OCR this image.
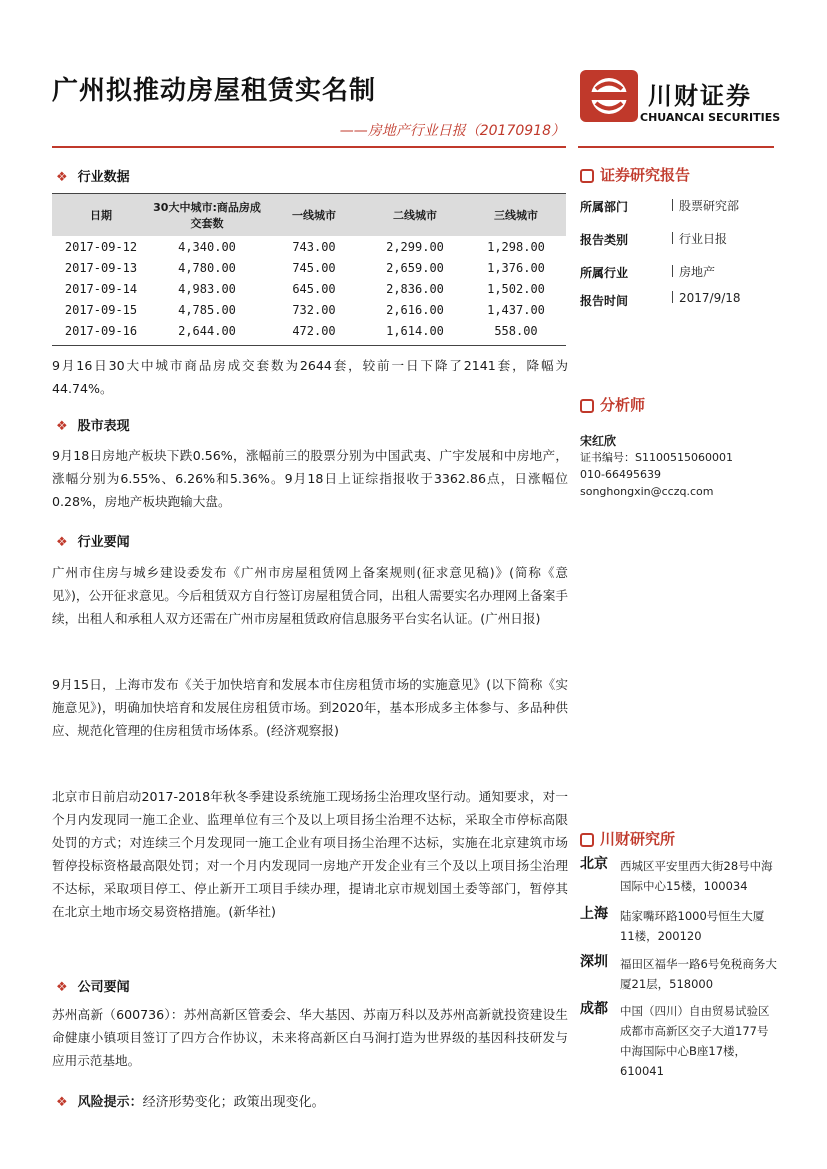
广州拟推动房屋租赁实名制
——房地产行业日报（20170918）
川财证券
CHUANCAI SECURITIES
❖ 行业数据
日期	30大中城市:商品房成交套数	一线城市	二线城市	三线城市
2017-09-12	4,340.00	743.00	2,299.00	1,298.00
2017-09-13	4,780.00	745.00	2,659.00	1,376.00
2017-09-14	4,983.00	645.00	2,836.00	1,502.00
2017-09-15	4,785.00	732.00	2,616.00	1,437.00
2017-09-16	2,644.00	472.00	1,614.00	558.00
9月16日30大中城市商品房成交套数为2644套，较前一日下降了2141套，降幅为44.74%。
❖ 股市表现
9月18日房地产板块下跌0.56%，涨幅前三的股票分别为中国武夷、广宇发展和中房地产，涨幅分别为6.55%、6.26%和5.36%。9月18日上证综指报收于3362.86点，日涨幅位0.28%，房地产板块跑输大盘。
❖ 行业要闻
广州市住房与城乡建设委发布《广州市房屋租赁网上备案规则(征求意见稿)》(简称《意见》)，公开征求意见。今后租赁双方自行签订房屋租赁合同，出租人需要实名办理网上备案手续，出租人和承租人双方还需在广州市房屋租赁政府信息服务平台实名认证。(广州日报)
9月15日，上海市发布《关于加快培育和发展本市住房租赁市场的实施意见》(以下简称《实施意见》)，明确加快培育和发展住房租赁市场。到2020年，基本形成多主体参与、多品种供应、规范化管理的住房租赁市场体系。(经济观察报)
北京市日前启动2017-2018年秋冬季建设系统施工现场扬尘治理攻坚行动。通知要求，对一个月内发现同一施工企业、监理单位有三个及以上项目扬尘治理不达标，采取全市停标高限处罚的方式；对连续三个月发现同一施工企业有项目扬尘治理不达标，实施在北京建筑市场暂停投标资格最高限处罚；对一个月内发现同一房地产开发企业有三个及以上项目扬尘治理不达标，采取项目停工、停止新开工项目手续办理，提请北京市规划国土委等部门，暂停其在北京土地市场交易资格措施。(新华社)
❖ 公司要闻
苏州高新（600736）：苏州高新区管委会、华大基因、苏南万科以及苏州高新就投资建设生命健康小镇项目签订了四方合作协议，未来将高新区白马涧打造为世界级的基因科技研发与应用示范基地。
❖ 风险提示：经济形势变化；政策出现变化。
证券研究报告
所属部门	股票研究部
报告类别	行业日报
所属行业	房地产
报告时间	2017/9/18
分析师
宋红欣
证书编号：S1100515060001
010-66495639
songhongxin@cczq.com
川财研究所
北京 西城区平安里西大街28号中海国际中心15楼，100034
上海 陆家嘴环路1000号恒生大厦11楼，200120
深圳 福田区福华一路6号免税商务大厦21层，518000
成都 中国（四川）自由贸易试验区成都市高新区交子大道177号中海国际中心B座17楼，610041
